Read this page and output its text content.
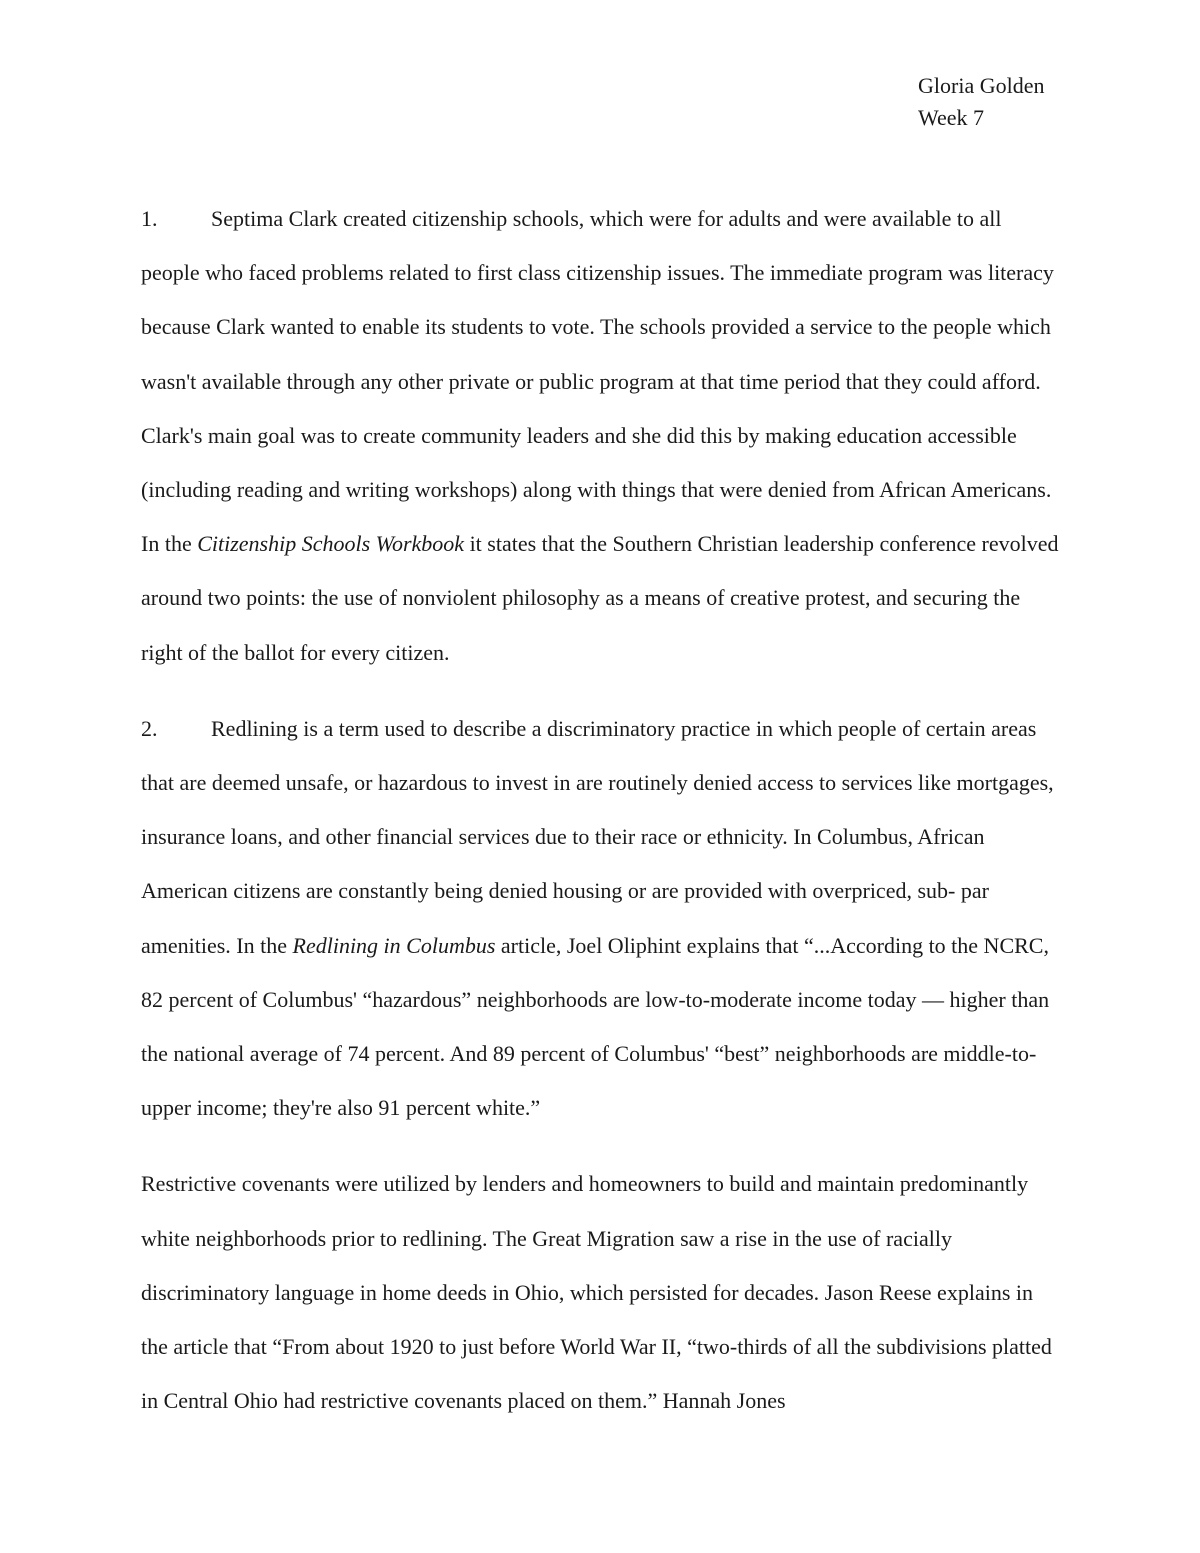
Gloria Golden
Week 7

1. Septima Clark created citizenship schools, which were for adults and were available to all people who faced problems related to first class citizenship issues. The immediate program was literacy because Clark wanted to enable its students to vote. The schools provided a service to the people which wasn't available through any other private or public program at that time period that they could afford. Clark's main goal was to create community leaders and she did this by making education accessible (including reading and writing workshops) along with things that were denied from African Americans. In the Citizenship Schools Workbook it states that the Southern Christian leadership conference revolved around two points: the use of nonviolent philosophy as a means of creative protest, and securing the right of the ballot for every citizen.

2. Redlining is a term used to describe a discriminatory practice in which people of certain areas that are deemed unsafe, or hazardous to invest in are routinely denied access to services like mortgages, insurance loans, and other financial services due to their race or ethnicity. In Columbus, African American citizens are constantly being denied housing or are provided with overpriced, sub- par amenities. In the Redlining in Columbus article, Joel Oliphint explains that “...According to the NCRC, 82 percent of Columbus' “hazardous” neighborhoods are low-to-moderate income today — higher than the national average of 74 percent. And 89 percent of Columbus' “best” neighborhoods are middle-to-upper income; they're also 91 percent white.”

Restrictive covenants were utilized by lenders and homeowners to build and maintain predominantly white neighborhoods prior to redlining. The Great Migration saw a rise in the use of racially discriminatory language in home deeds in Ohio, which persisted for decades. Jason Reese explains in the article that “From about 1920 to just before World War II, “two-thirds of all the subdivisions platted in Central Ohio had restrictive covenants placed on them.” Hannah Jones
